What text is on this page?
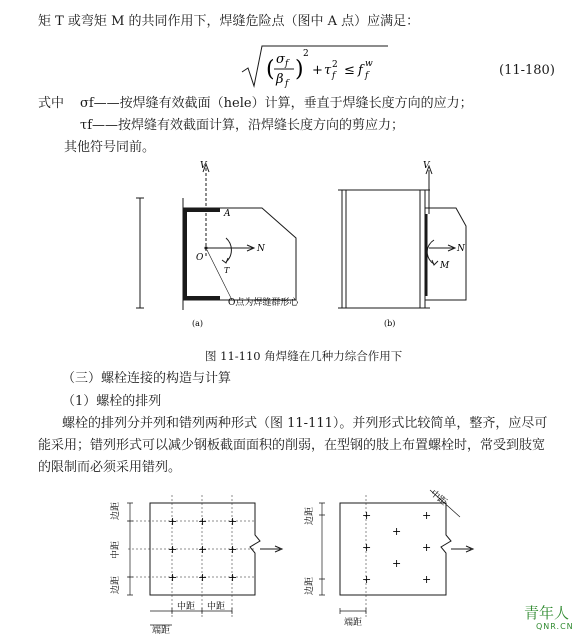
矩 T 或弯矩 M 的共同作用下，焊缝危险点（图中 A 点）应满足：
( σ f
β f
)
2
+ τ 2
f ≤ f w
f	(11-180)
式中 σf——按焊缝有效截面（hele）计算，垂直于焊缝长度方向的应力；
τf——按焊缝有效截面计算，沿焊缝长度方向的剪应力；
其他符号同前。
V
A
O
N
T
O点为焊缝群形心
(a)
V
N
M
(b)
图 11-110 角焊缝在几种力综合作用下
（三）螺栓连接的构造与计算
（1）螺栓的排列
螺栓的排列分并列和错列两种形式（图 11-111）。并列形式比较简单，整齐，应尽可
能采用；错列形式可以减少钢板截面面积的削弱，在型钢的肢上布置螺栓时，常受到肢宽
的限制而必须采用错列。
+ + +
+ + +
+ + +
边距
中距
边距
中距 中距
端距
+	+
+
+	+
+
+	+
边距
边距
中距
端距
青年人
QNR.CN
